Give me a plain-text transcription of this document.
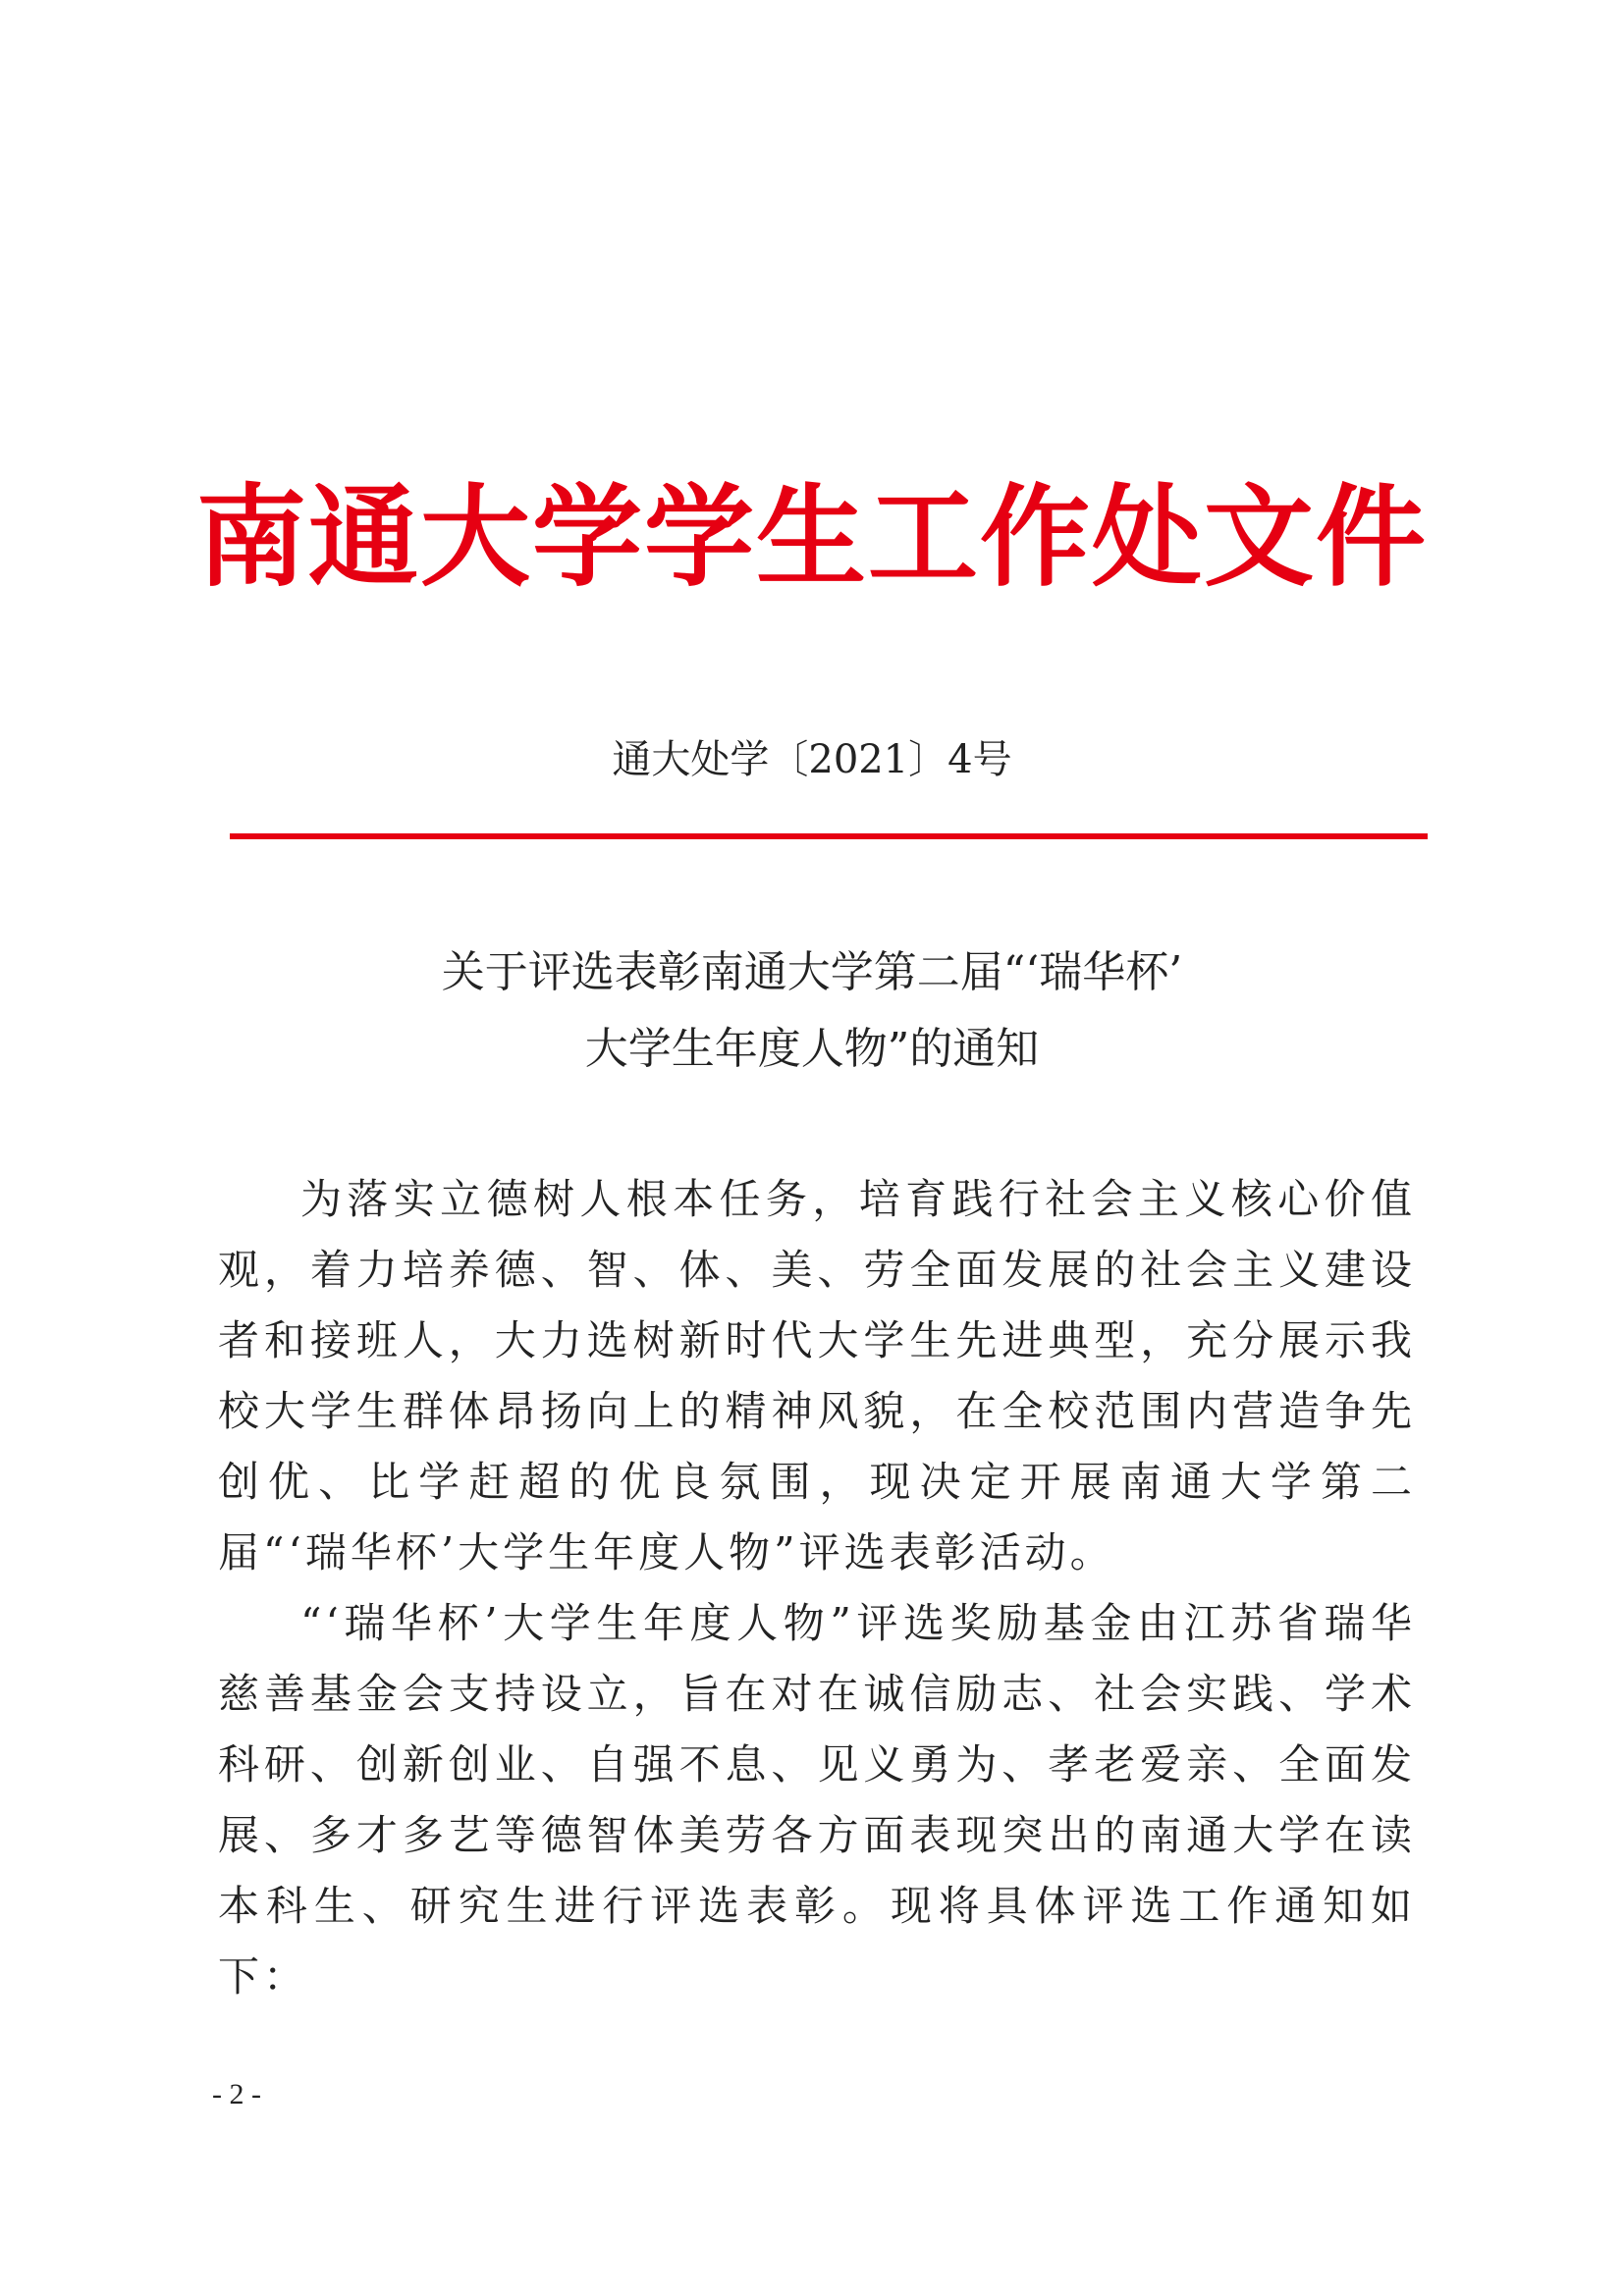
南通大学学生工作处文件
通大处学〔2021〕4号
关于评选表彰南通大学第二届“‘瑞华杯’
大学生年度人物”的通知

为落实立德树人根本任务，培育践行社会主义核心价值观，着力培养德、智、体、美、劳全面发展的社会主义建设者和接班人，大力选树新时代大学生先进典型，充分展示我校大学生群体昂扬向上的精神风貌，在全校范围内营造争先创优、比学赶超的优良氛围，现决定开展南通大学第二届“‘瑞华杯’大学生年度人物”评选表彰活动。

“‘瑞华杯’大学生年度人物”评选奖励基金由江苏省瑞华慈善基金会支持设立，旨在对在诚信励志、社会实践、学术科研、创新创业、自强不息、见义勇为、孝老爱亲、全面发展、多才多艺等德智体美劳各方面表现突出的南通大学在读本科生、研究生进行评选表彰。现将具体评选工作通知如下：

- 2 -
